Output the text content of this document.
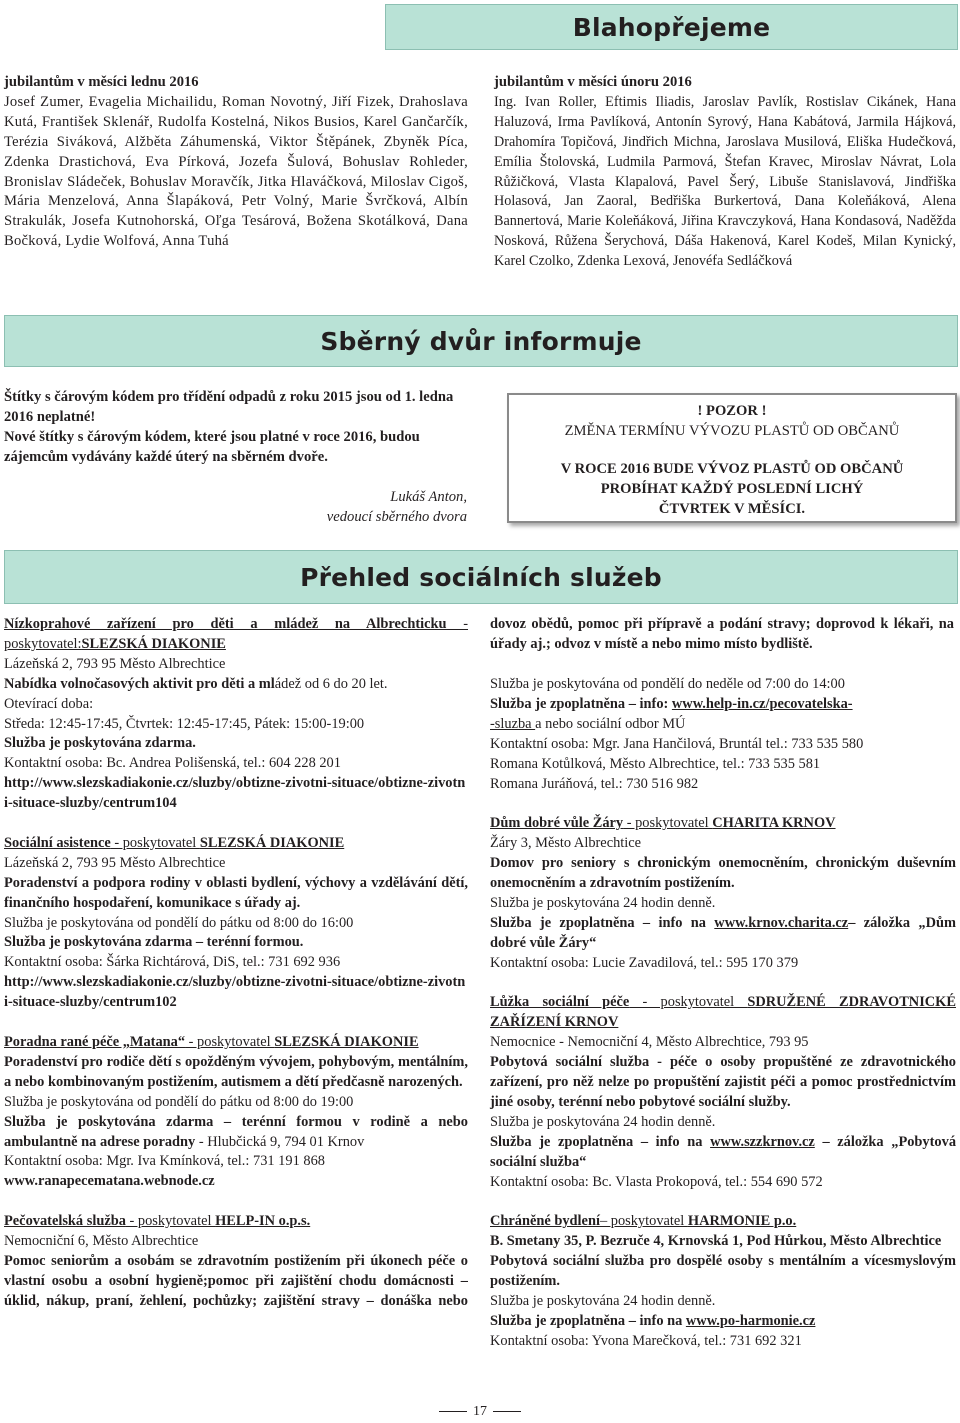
Blahopřejeme

jubilantům v měsíci lednu 2016

Josef Zumer, Evagelia Michailidu, Roman Novotný, Jiří Fizek, Drahoslava Kutá, František Sklenář, Rudolfa Kostelná, Nikos Busios, Karel Gančarčík, Terézia Siváková, Alžběta Záhumenská, Viktor Štěpánek, Zbyněk Píca, Zdenka Drastichová, Eva Pírková, Jozefa Šulová, Bohuslav Rohleder, Bronislav Sládeček, Bohuslav Moravčík, Jitka Hlaváčková, Miloslav Cigoš, Mária Menzelová, Anna Šlapáková, Petr Volný, Marie Švrčková, Albín Strakulák, Josefa Kutnohorská, Oľga Tesárová, Božena Skotálková, Dana Bočková, Lydie Wolfová, Anna Tuhá

jubilantům v měsíci únoru 2016

Ing. Ivan Roller, Eftimis Iliadis, Jaroslav Pavlík, Rostislav Cikánek, Hana Haluzová, Irma Pavlíková, Antonín Syrový, Hana Kabátová, Jarmila Hájková, Drahomíra Topičová, Jindřich Michna, Jaroslava Musilová, Eliška Hudečková, Emília Štolovská, Ludmila Parmová, Štefan Kravec, Miroslav Návrat, Lola Růžičková, Vlasta Klapalová, Pavel Šerý, Libuše Stanislavová, Jindřiška Holasová, Jan Zaoral, Bedřiška Burkertová, Dana Koleňáková, Alena Bannertová, Marie Koleňáková, Jiřina Kravczyková, Hana Kondasová, Naděžda Nosková, Růžena Šerychová, Dáša Hakenová, Karel Kodeš, Milan Kynický, Karel Czolko, Zdenka Lexová, Jenovéfa Sedláčková

Sběrný dvůr informuje

Štítky s čárovým kódem pro třídění odpadů z roku 2015 jsou od 1. ledna 2016 neplatné!

Nové štítky s čárovým kódem, které jsou platné v roce 2016, budou zájemcům vydávány každé úterý na sběrném dvoře.

Lukáš Anton,

vedoucí sběrného dvora

! POZOR !
ZMĚNA TERMÍNU VÝVOZU PLASTŮ OD OBČANŮ
V ROCE 2016 BUDE VÝVOZ PLASTŮ OD OBČANŮ
PROBÍHAT KAŽDÝ POSLEDNÍ LICHÝ
ČTVRTEK V MĚSÍCI.
Přehled sociálních služeb

Nízkoprahové zařízení pro děti a mládež na Albrechticku - poskytovatel:SLEZSKÁ DIAKONIE

Lázeňská 2, 793 95 Město Albrechtice

Nabídka volnočasových aktivit pro děti a mládež od 6 do 20 let.

Otevírací doba:

Středa: 12:45-17:45, Čtvrtek: 12:45-17:45, Pátek: 15:00-19:00

Služba je poskytována zdarma.

Kontaktní osoba: Bc. Andrea Polišenská, tel.: 604 228 201

http://www.slezskadiakonie.cz/sluzby/obtizne-zivotni-situace/obtizne-zivotni-situace-sluzby/centrum104

Sociální asistence - poskytovatel SLEZSKÁ DIAKONIE

Lázeňská 2, 793 95 Město Albrechtice

Poradenství a podpora rodiny v oblasti bydlení, výchovy a vzdělávání dětí, finančního hospodaření, komunikace s úřady aj.

Služba je poskytována od pondělí do pátku od 8:00 do 16:00

Služba je poskytována zdarma – terénní formou.

Kontaktní osoba: Šárka Richtárová, DiS, tel.: 731 692 936

http://www.slezskadiakonie.cz/sluzby/obtizne-zivotni-situace/obtizne-zivotni-situace-sluzby/centrum102

Poradna rané péče „Matana“ - poskytovatel SLEZSKÁ DIAKONIE

Poradenství pro rodiče dětí s opožděným vývojem, pohybovým, mentálním, a nebo kombinovaným postižením, autismem a dětí předčasně narozených.

Služba je poskytována od pondělí do pátku od 8:00 do 19:00

Služba je poskytována zdarma – terénní formou v rodině a nebo ambulantně na adrese poradny - Hlubčická 9, 794 01 Krnov

Kontaktní osoba: Mgr. Iva Kmínková, tel.: 731 191 868

www.ranapecematana.webnode.cz

Pečovatelská služba - poskytovatel HELP-IN o.p.s.

Nemocniční 6, Město Albrechtice

Pomoc seniorům a osobám se zdravotním postižením při úkonech péče o vlastní osobu a osobní hygieně;pomoc při zajištění chodu domácnosti – úklid, nákup, praní, žehlení, pochůzky; zajištění stravy – donáška nebo

dovoz obědů, pomoc při přípravě a podání stravy; doprovod k lékaři, na úřady aj.; odvoz v místě a nebo mimo místo bydliště.

Služba je poskytována od pondělí do neděle od 7:00 do 14:00

Služba je zpoplatněna – info: www.help-in.cz/pecovatelska-
-sluzba a nebo sociální odbor MÚ

Kontaktní osoba: Mgr. Jana Hančilová, Bruntál tel.: 733 535 580

Romana Kotůlková, Město Albrechtice, tel.: 733 535 581

Romana Juráňová, tel.: 730 516 982

Dům dobré vůle Žáry - poskytovatel CHARITA KRNOV

Žáry 3, Město Albrechtice

Domov pro seniory s chronickým onemocněním, chronickým duševním onemocněním a zdravotním postižením.

Služba je poskytována 24 hodin denně.

Služba je zpoplatněna – info na www.krnov.charita.cz– záložka „Dům dobré vůle Žáry“

Kontaktní osoba: Lucie Zavadilová, tel.: 595 170 379

Lůžka sociální péče - poskytovatel SDRUŽENÉ ZDRAVOTNICKÉ ZAŘÍZENÍ KRNOV

Nemocnice - Nemocniční 4, Město Albrechtice, 793 95

Pobytová sociální služba - péče o osoby propuštěné ze zdravotnického zařízení, pro něž nelze po propuštění zajistit péči a pomoc prostřednictvím jiné osoby, terénní nebo pobytové sociální služby.

Služba je poskytována 24 hodin denně.

Služba je zpoplatněna – info na www.szzkrnov.cz – záložka „Pobytová sociální služba“

Kontaktní osoba: Bc. Vlasta Prokopová, tel.: 554 690 572

Chráněné bydlení– poskytovatel HARMONIE p.o.

B. Smetany 35, P. Bezruče 4, Krnovská 1, Pod Hůrkou, Město Albrechtice

Pobytová sociální služba pro dospělé osoby s mentálním a vícesmyslovým postižením.

Služba je poskytována 24 hodin denně.

Služba je zpoplatněna – info na www.po-harmonie.cz

Kontaktní osoba: Yvona Marečková, tel.: 731 692 321

17
